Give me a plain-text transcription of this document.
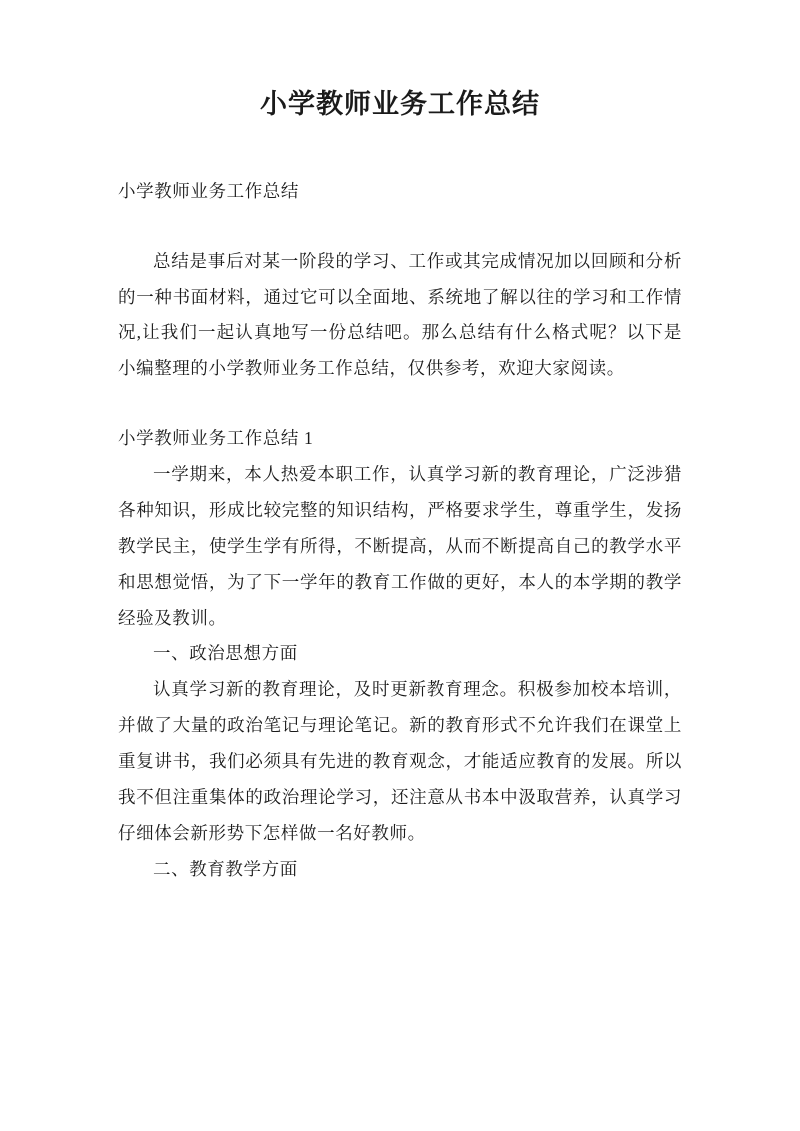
小学教师业务工作总结

小学教师业务工作总结

总结是事后对某一阶段的学习、工作或其完成情况加以回顾和分析的一种书面材料，通过它可以全面地、系统地了解以往的学习和工作情况,让我们一起认真地写一份总结吧。那么总结有什么格式呢？以下是小编整理的小学教师业务工作总结，仅供参考，欢迎大家阅读。

小学教师业务工作总结 1

一学期来，本人热爱本职工作，认真学习新的教育理论，广泛涉猎各种知识，形成比较完整的知识结构，严格要求学生，尊重学生，发扬教学民主，使学生学有所得，不断提高，从而不断提高自己的教学水平和思想觉悟，为了下一学年的教育工作做的更好，本人的本学期的教学经验及教训。

一、政治思想方面

认真学习新的教育理论，及时更新教育理念。积极参加校本培训，并做了大量的政治笔记与理论笔记。新的教育形式不允许我们在课堂上重复讲书，我们必须具有先进的教育观念，才能适应教育的发展。所以我不但注重集体的政治理论学习，还注意从书本中汲取营养，认真学习仔细体会新形势下怎样做一名好教师。

二、教育教学方面
